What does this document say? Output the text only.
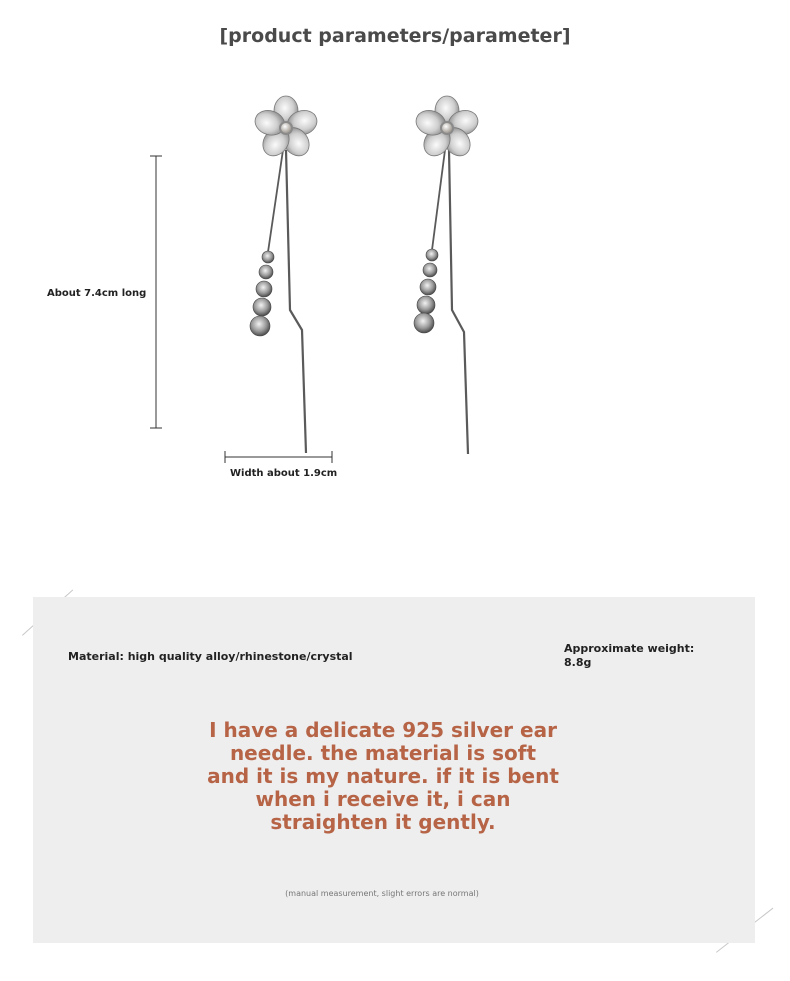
[product parameters/parameter]
About 7.4cm long
Width about 1.9cm
Material: high quality alloy/rhinestone/crystal
Approximate weight:
8.8g
I have a delicate 925 silver ear
needle. the material is soft
and it is my nature. if it is bent
when i receive it, i can
straighten it gently.
(manual measurement, slight errors are normal)
